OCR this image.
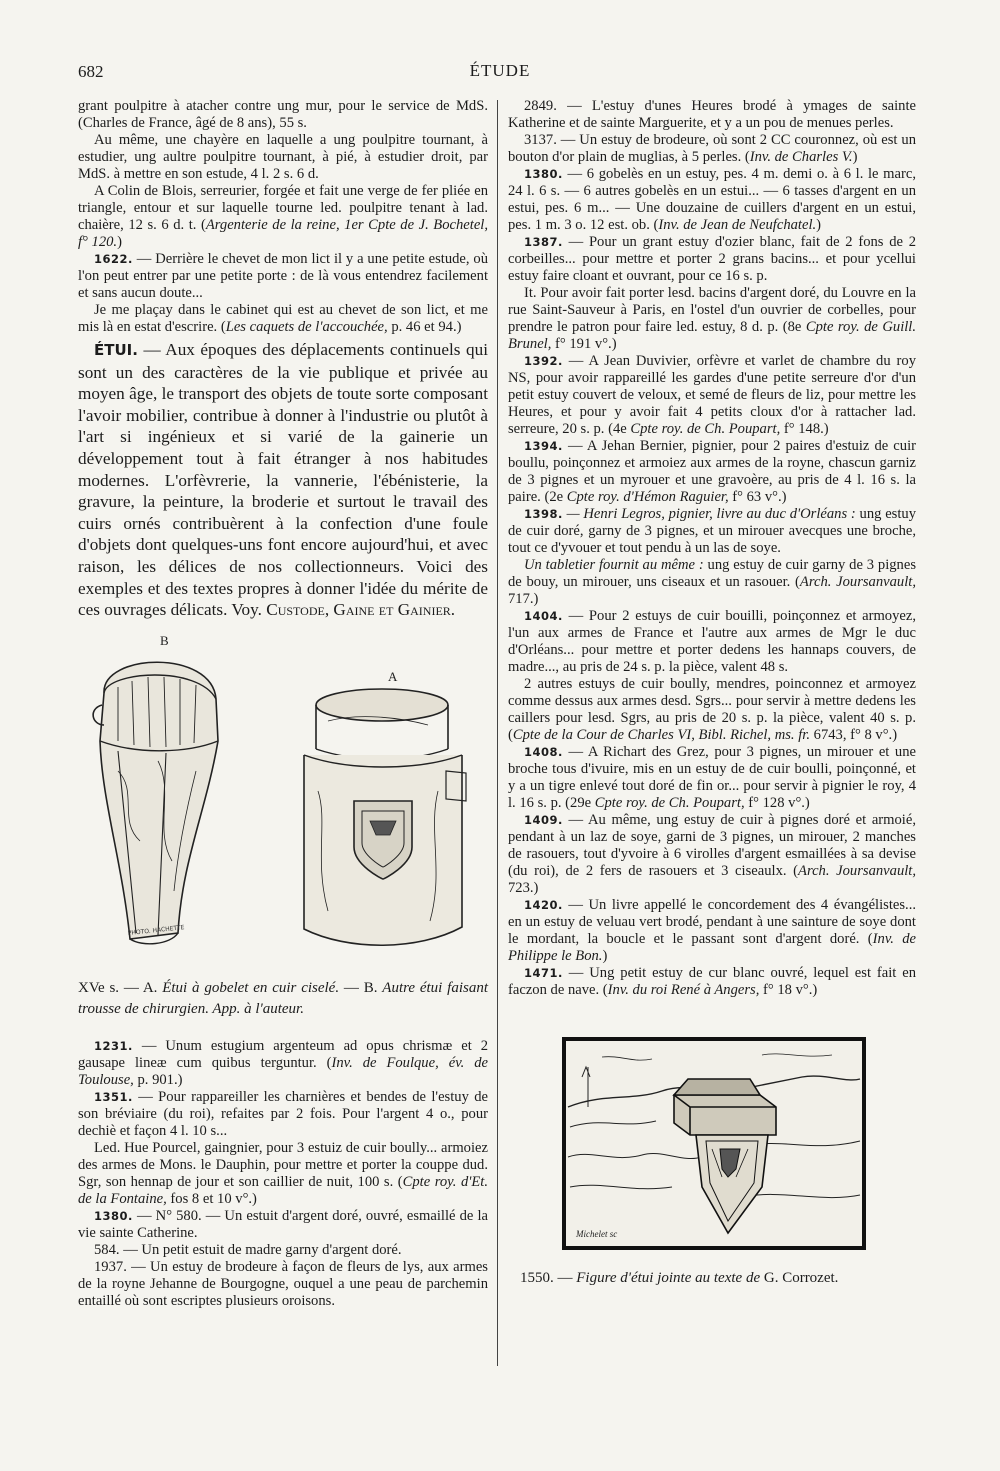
682	ÉTUDE

grant poulpitre à atacher contre ung mur, pour le service de MdS. (Charles de France, âgé de 8 ans), 55 s.

Au même, une chayère en laquelle a ung poulpitre tournant, à estudier, ung aultre poulpitre tournant, à pié, à estudier droit, par MdS. à mettre en son estude, 4 l. 2 s. 6 d.

A Colin de Blois, serreurier, forgée et fait une verge de fer pliée en triangle, entour et sur laquelle tourne led. poulpitre tenant à lad. chaière, 12 s. 6 d. t. (Argenterie de la reine, 1er Cpte de J. Bochetel, f° 120.)

1622. — Derrière le chevet de mon lict il y a une petite estude, où l'on peut entrer par une petite porte : de là vous entendrez facilement et sans aucun doute...

Je me plaçay dans le cabinet qui est au chevet de son lict, et me mis là en estat d'escrire. (Les caquets de l'accouchée, p. 46 et 94.)

ÉTUI. — Aux époques des déplacements continuels qui sont un des caractères de la vie publique et privée au moyen âge, le transport des objets de toute sorte composant l'avoir mobilier, contribue à donner à l'industrie ou plutôt à l'art si ingénieux et si varié de la gainerie un développement tout à fait étranger à nos habitudes modernes. L'orfèvrerie, la vannerie, l'ébénisterie, la gravure, la peinture, la broderie et surtout le travail des cuirs ornés contribuèrent à la confection d'une foule d'objets dont quelques-uns font encore aujourd'hui, et avec raison, les délices de nos collectionneurs. Voici des exemples et des textes propres à donner l'idée du mérite de ces ouvrages délicats. Voy. Custode, Gaine et Gainier.

B
A
PHOTO. HACHETTE

XVe s. — A. Étui à gobelet en cuir ciselé. — B. Autre étui faisant trousse de chirurgien. App. à l'auteur.

1231. — Unum estugium argenteum ad opus chrismæ et 2 gausape lineæ cum quibus terguntur. (Inv. de Foulque, év. de Toulouse, p. 901.)

1351. — Pour rappareiller les charnières et bendes de l'estuy de son bréviaire (du roi), refaites par 2 fois. Pour l'argent 4 o., pour dechiè et façon 4 l. 10 s...

Led. Hue Pourcel, gaingnier, pour 3 estuiz de cuir boully... armoiez des armes de Mons. le Dauphin, pour mettre et porter la couppe dud. Sgr, son hennap de jour et son caillier de nuit, 100 s. (Cpte roy. d'Et. de la Fontaine, fos 8 et 10 v°.)

1380. — N° 580. — Un estuit d'argent doré, ouvré, esmaillé de la vie sainte Catherine.

584. — Un petit estuit de madre garny d'argent doré.

1937. — Un estuy de brodeure à façon de fleurs de lys, aux armes de la royne Jehanne de Bourgogne, ouquel a une peau de parchemin entaillé où sont escriptes plusieurs oroisons.

2849. — L'estuy d'unes Heures brodé à ymages de sainte Katherine et de sainte Marguerite, et y a un pou de menues perles.

3137. — Un estuy de brodeure, où sont 2 CC couronnez, où est un bouton d'or plain de muglias, à 5 perles. (Inv. de Charles V.)

1380. — 6 gobelès en un estuy, pes. 4 m. demi o. à 6 l. le marc, 24 l. 6 s. — 6 autres gobelès en un estui... — 6 tasses d'argent en un estui, pes. 6 m... — Une douzaine de cuillers d'argent en un estui, pes. 1 m. 3 o. 12 est. ob. (Inv. de Jean de Neufchatel.)

1387. — Pour un grant estuy d'ozier blanc, fait de 2 fons de 2 corbeilles... pour mettre et porter 2 grans bacins... et pour ycellui estuy faire cloant et ouvrant, pour ce 16 s. p.

It. Pour avoir fait porter lesd. bacins d'argent doré, du Louvre en la rue Saint-Sauveur à Paris, en l'ostel d'un ouvrier de corbelles, pour prendre le patron pour faire led. estuy, 8 d. p. (8e Cpte roy. de Guill. Brunel, f° 191 v°.)

1392. — A Jean Duvivier, orfèvre et varlet de chambre du roy NS, pour avoir rappareillé les gardes d'une petite serreure d'or d'un petit estuy couvert de veloux, et semé de fleurs de liz, pour mettre les Heures, et pour y avoir fait 4 petits cloux d'or à rattacher lad. serreure, 20 s. p. (4e Cpte roy. de Ch. Poupart, f° 148.)

1394. — A Jehan Bernier, pignier, pour 2 paires d'estuiz de cuir boullu, poinçonnez et armoiez aux armes de la royne, chascun garniz de 3 pignes et un myrouer et une gravoère, au pris de 4 l. 16 s. la paire. (2e Cpte roy. d'Hémon Raguier, f° 63 v°.)

1398. — Henri Legros, pignier, livre au duc d'Orléans : ung estuy de cuir doré, garny de 3 pignes, et un mirouer avecques une broche, tout ce d'yvouer et tout pendu à un las de soye.

Un tabletier fournit au même : ung estuy de cuir garny de 3 pignes de bouy, un mirouer, uns ciseaux et un rasouer. (Arch. Joursanvault, 717.)

1404. — Pour 2 estuys de cuir bouilli, poinçonnez et armoyez, l'un aux armes de France et l'autre aux armes de Mgr le duc d'Orléans... pour mettre et porter dedens les hannaps couvers, de madre..., au pris de 24 s. p. la pièce, valent 48 s.

2 autres estuys de cuir boully, mendres, poinconnez et armoyez comme dessus aux armes desd. Sgrs... pour servir à mettre dedens les caillers pour lesd. Sgrs, au pris de 20 s. p. la pièce, valent 40 s. p. (Cpte de la Cour de Charles VI, Bibl. Richel, ms. fr. 6743, f° 8 v°.)

1408. — A Richart des Grez, pour 3 pignes, un mirouer et une broche tous d'ivuire, mis en un estuy de de cuir boulli, poinçonné, et y a un tigre enlevé tout doré de fin or... pour servir à pignier le roy, 4 l. 16 s. p. (29e Cpte roy. de Ch. Poupart, f° 128 v°.)

1409. — Au même, ung estuy de cuir à pignes doré et armoié, pendant à un laz de soye, garni de 3 pignes, un mirouer, 2 manches de rasouers, tout d'yvoire à 6 virolles d'argent esmaillées à sa devise (du roi), de 2 fers de rasouers et 3 ciseaulx. (Arch. Joursanvault, 723.)

1420. — Un livre appellé le concordement des 4 évangélistes... en un estuy de veluau vert brodé, pendant à une sainture de soye dont le mordant, la boucle et le passant sont d'argent doré. (Inv. de Philippe le Bon.)

1471. — Ung petit estuy de cur blanc ouvré, lequel est fait en faczon de nave. (Inv. du roi René à Angers, f° 18 v°.)

Michelet sc

1550. — Figure d'étui jointe au texte de G. Corrozet.
